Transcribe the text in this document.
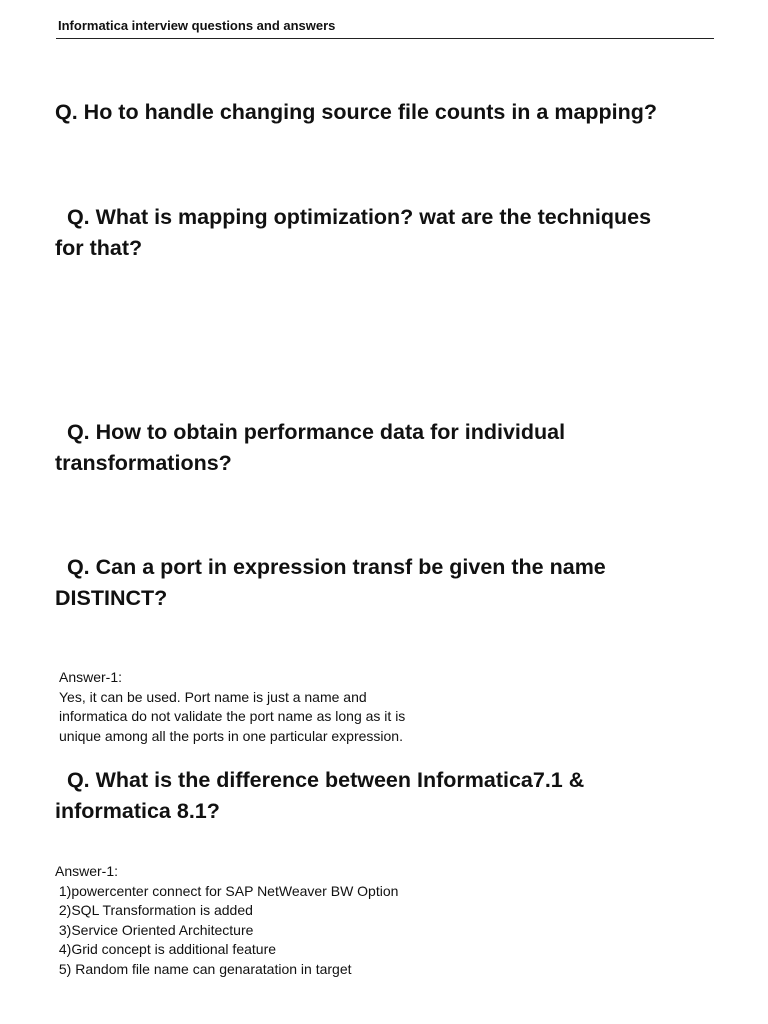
Informatica interview questions and answers

Q. Ho to handle changing source file counts in a mapping?

Q. What is mapping optimization? wat are the techniques
for that?

Q. How to obtain performance data for individual
transformations?

Q. Can a port in expression transf be given the name
DISTINCT?

Answer-1:
Yes, it can be used. Port name is just a name and
informatica do not validate the port name as long as it is
unique among all the ports in one particular expression.

Q. What is the difference between Informatica7.1 &
informatica 8.1?

Answer-1:
1)powercenter connect for SAP NetWeaver BW Option
2)SQL Transformation is added
3)Service Oriented Architecture
4)Grid concept is additional feature
5) Random file name can genaratation in target
